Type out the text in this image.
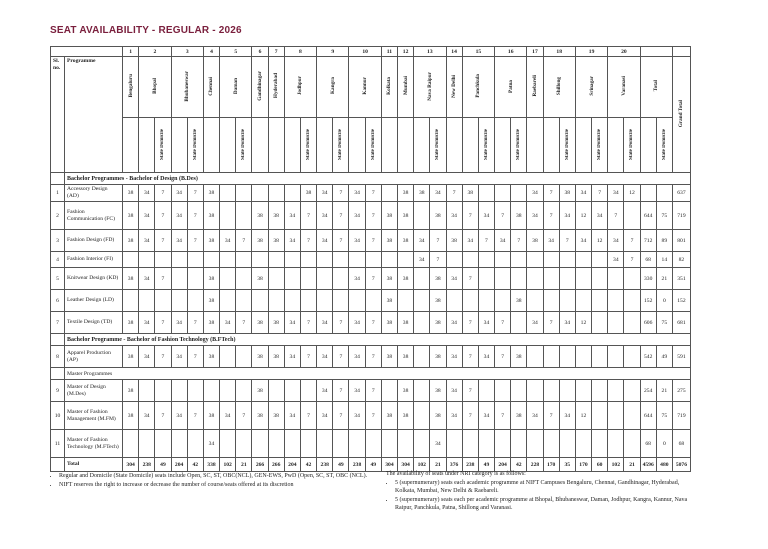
SEAT AVAILABILITY - REGULAR - 2026
		1	2		3		4	5		6	7	8		9		10		11	12	13		14	15		16		17	18		19		20				
Sl. no.	Programme	Bengaluru	Bhopal		Bhubaneswar		Chennai	Daman		Gandhinagar	Hyderabad	Jodhpur		Kangra		Kannur		Kolkata	Mumbai	Nava Raipur		New Delhi	Panchkula		Patna		Raebareli	Shillong		Srinagar		Varanasi		Total		Grand Total
				State Domicile		State Domicile			State Domicile				State Domicile		State Domicile		State Domicile				State Domicile			State Domicile		State Domicile			State Domicile		State Domicile		State Domicile		State Domicile	
	Bachelor Programmes - Bachelor of Design (B.Des)																																			
1	Accessory Design (AD)	38	34	7	34	7	38						38	34	7	34	7		38	38	34	7	38				34	7	38	34	7	34	12			637
2	Fashion Communication (FC)	38	34	7	34	7	38			38	38	34	7	34	7	34	7	38	38		38	34	7	34	7	38	34	7	34	12	34	7		644	75	719
3	Fashion Design (FD)	38	34	7	34	7	38	34	7	38	38	34	7	34	7	34	7	38	38	34	7	38	34	7	34	7	38	34	7	34	12	34	7	712	89	801
4	Fashion Interior (FI)																			34	7											34	7	68	14	82
5	Knitwear Design (KD)	38	34	7			38			38						34	7	38	38		38	34	7											330	21	351
6	Leather Design (LD)						38											38			38					38								152	0	152
7	Textile Design (TD)	38	34	7	34	7	38	34	7	38	38	34	7	34	7	34	7	38	38		38	34	7	34	7		34	7	34	12				606	75	681
	Bachelor Programme - Bachelor of Fashion Technology (B.FTech)																																			
8	Apparel Production (AP)	38	34	7	34	7	38			38	38	34	7	34	7	34	7	38	38		38	34	7	34	7	38								542	49	591
	Master Programmes																																			
9	Master of Design (M.Des)	38								38				34	7	34	7		38		38	34	7											254	21	275
10	Master of Fashion Management (M.FM)	38	34	7	34	7	38	34	7	38	38	34	7	34	7	34	7	38	38		38	34	7	34	7	38	34	7	34	12				644	75	719
11	Master of Fashion Technology (M.FTech)						34														34													68	0	68
	Total	304	238	49	204	42	338	102	21	266	266	204	42	238	49	238	49	304	304	102	21	376	238	49	204	42	228	170	35	170	60	102	21	4596	480	5076
• Regular and Domicile (State Domicile) seats include Open, SC, ST, OBC(NCL), GEN-EWS, PwD (Open, SC, ST, OBC (NCL).
• NIFT reserves the right to increase or decrease the number of course/seats offered at its discretion
The availability of seats under NRI category is as follows:
• 5 (supernumerary) seats each academic programme at NIFT Campuses Bengaluru, Chennai, Gandhinagar, Hyderabad, Kolkata, Mumbai, New Delhi & Raebareli.
• 5 (supernumerary) seats each per academic programme at Bhopal, Bhubaneswar, Daman, Jodhpur, Kangra, Kannur, Nava Raipur, Panchkula, Patna, Shillong and Varanasi.
